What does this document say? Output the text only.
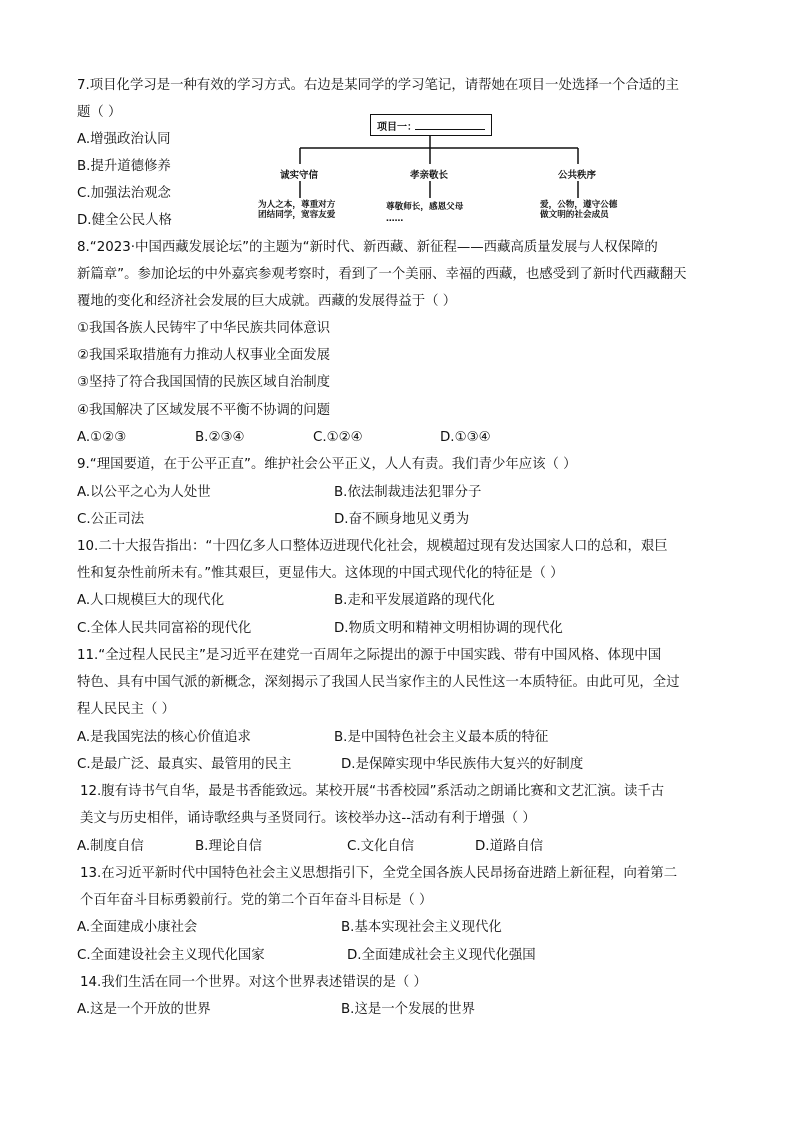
7.项目化学习是一种有效的学习方式。右边是某同学的学习笔记，请帮她在项目一处选择一个合适的主
题（ ）
A.增强政治认同
B.提升道德修养
C.加强法治观念
D.健全公民人格
项目一：
诚实守信	孝亲敬长	公共秩序
为人之本，尊重对方
团结同学，宽容友爱
尊敬师长，感恩父母
……
爱，公物，遵守公德
做文明的社会成员
8.“2023·中国西藏发展论坛”的主题为“新时代、新西藏、新征程——西藏高质量发展与人权保障的
新篇章”。参加论坛的中外嘉宾参观考察时，看到了一个美丽、幸福的西藏，也感受到了新时代西藏翻天
覆地的变化和经济社会发展的巨大成就。西藏的发展得益于（ ）
①我国各族人民铸牢了中华民族共同体意识
②我国采取措施有力推动人权事业全面发展
③坚持了符合我国国情的民族区域自治制度
④我国解决了区域发展不平衡不协调的问题
A.①②③	B.②③④	C.①②④	D.①③④
9.“理国要道，在于公平正直”。维护社会公平正义，人人有责。我们青少年应该（ ）
A.以公平之心为人处世	B.依法制裁违法犯罪分子
C.公正司法	D.奋不顾身地见义勇为
10.二十大报告指出：“十四亿多人口整体迈进现代化社会，规模超过现有发达国家人口的总和，艰巨
性和复杂性前所未有。”惟其艰巨，更显伟大。这体现的中国式现代化的特征是（ ）
A.人口规模巨大的现代化	B.走和平发展道路的现代化
C.全体人民共同富裕的现代化	D.物质文明和精神文明相协调的现代化
11.“全过程人民民主”是习近平在建党一百周年之际提出的源于中国实践、带有中国风格、体现中国
特色、具有中国气派的新概念，深刻揭示了我国人民当家作主的人民性这一本质特征。由此可见，全过
程人民民主（ ）
A.是我国宪法的核心价值追求	B.是中国特色社会主义最本质的特征
C.是最广泛、最真实、最管用的民主	D.是保障实现中华民族伟大复兴的好制度
12.腹有诗书气自华，最是书香能致远。某校开展“书香校园”系活动之朗诵比赛和文艺汇演。读千古
美文与历史相伴，诵诗歌经典与圣贤同行。该校举办这--活动有利于增强（ ）
A.制度自信	B.理论自信	C.文化自信	D.道路自信
13.在习近平新时代中国特色社会主义思想指引下，全党全国各族人民昂扬奋进踏上新征程，向着第二
个百年奋斗目标勇毅前行。党的第二个百年奋斗目标是（ ）
A.全面建成小康社会	B.基本实现社会主义现代化
C.全面建设社会主义现代化国家	D.全面建成社会主义现代化强国
14.我们生活在同一个世界。对这个世界表述错误的是（ ）
A.这是一个开放的世界	B.这是一个发展的世界
